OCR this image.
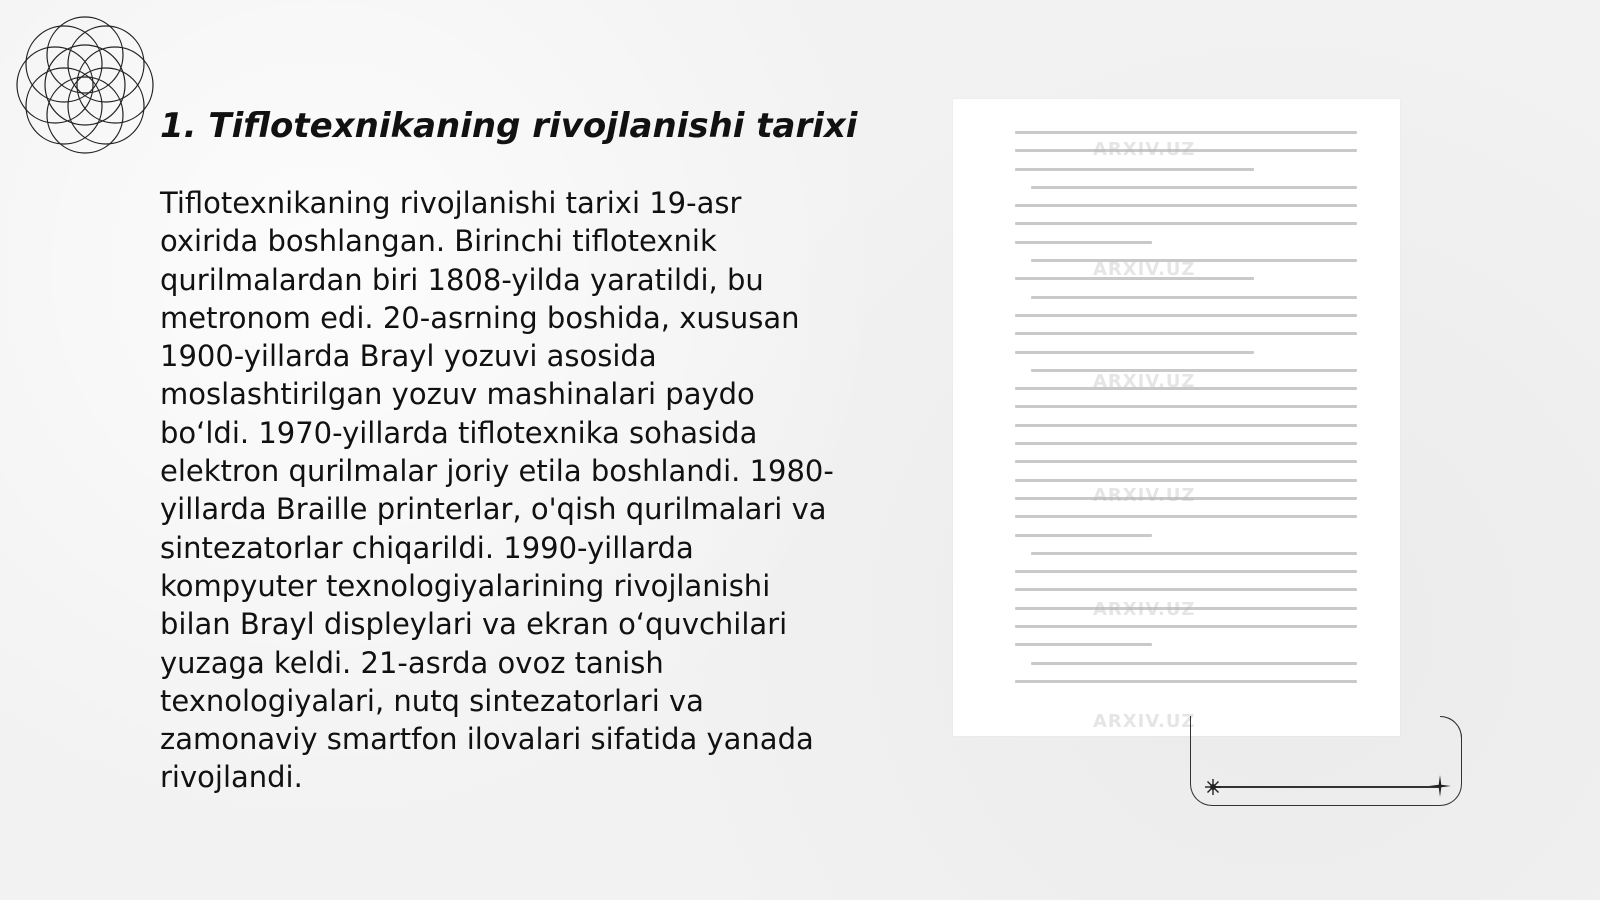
1. Tiflotexnikaning rivojlanishi tarixi

Tiflotexnikaning rivojlanishi tarixi 19-asr oxirida boshlangan. Birinchi tiflotexnik qurilmalardan biri 1808-yilda yaratildi, bu metronom edi. 20-asrning boshida, xususan 1900-yillarda Brayl yozuvi asosida moslashtirilgan yozuv mashinalari paydo bo‘ldi. 1970-yillarda tiflotexnika sohasida elektron qurilmalar joriy etila boshlandi. 1980-yillarda Braille printerlar, o'qish qurilmalari va sintezatorlar chiqarildi. 1990-yillarda kompyuter texnologiyalarining rivojlanishi bilan Brayl displeylari va ekran o‘quvchilari yuzaga keldi. 21-asrda ovoz tanish texnologiyalari, nutq sintezatorlari va zamonaviy smartfon ilovalari sifatida yanada rivojlandi.

ARXIV.UZ
ARXIV.UZ
ARXIV.UZ
ARXIV.UZ
ARXIV.UZ
ARXIV.UZ
